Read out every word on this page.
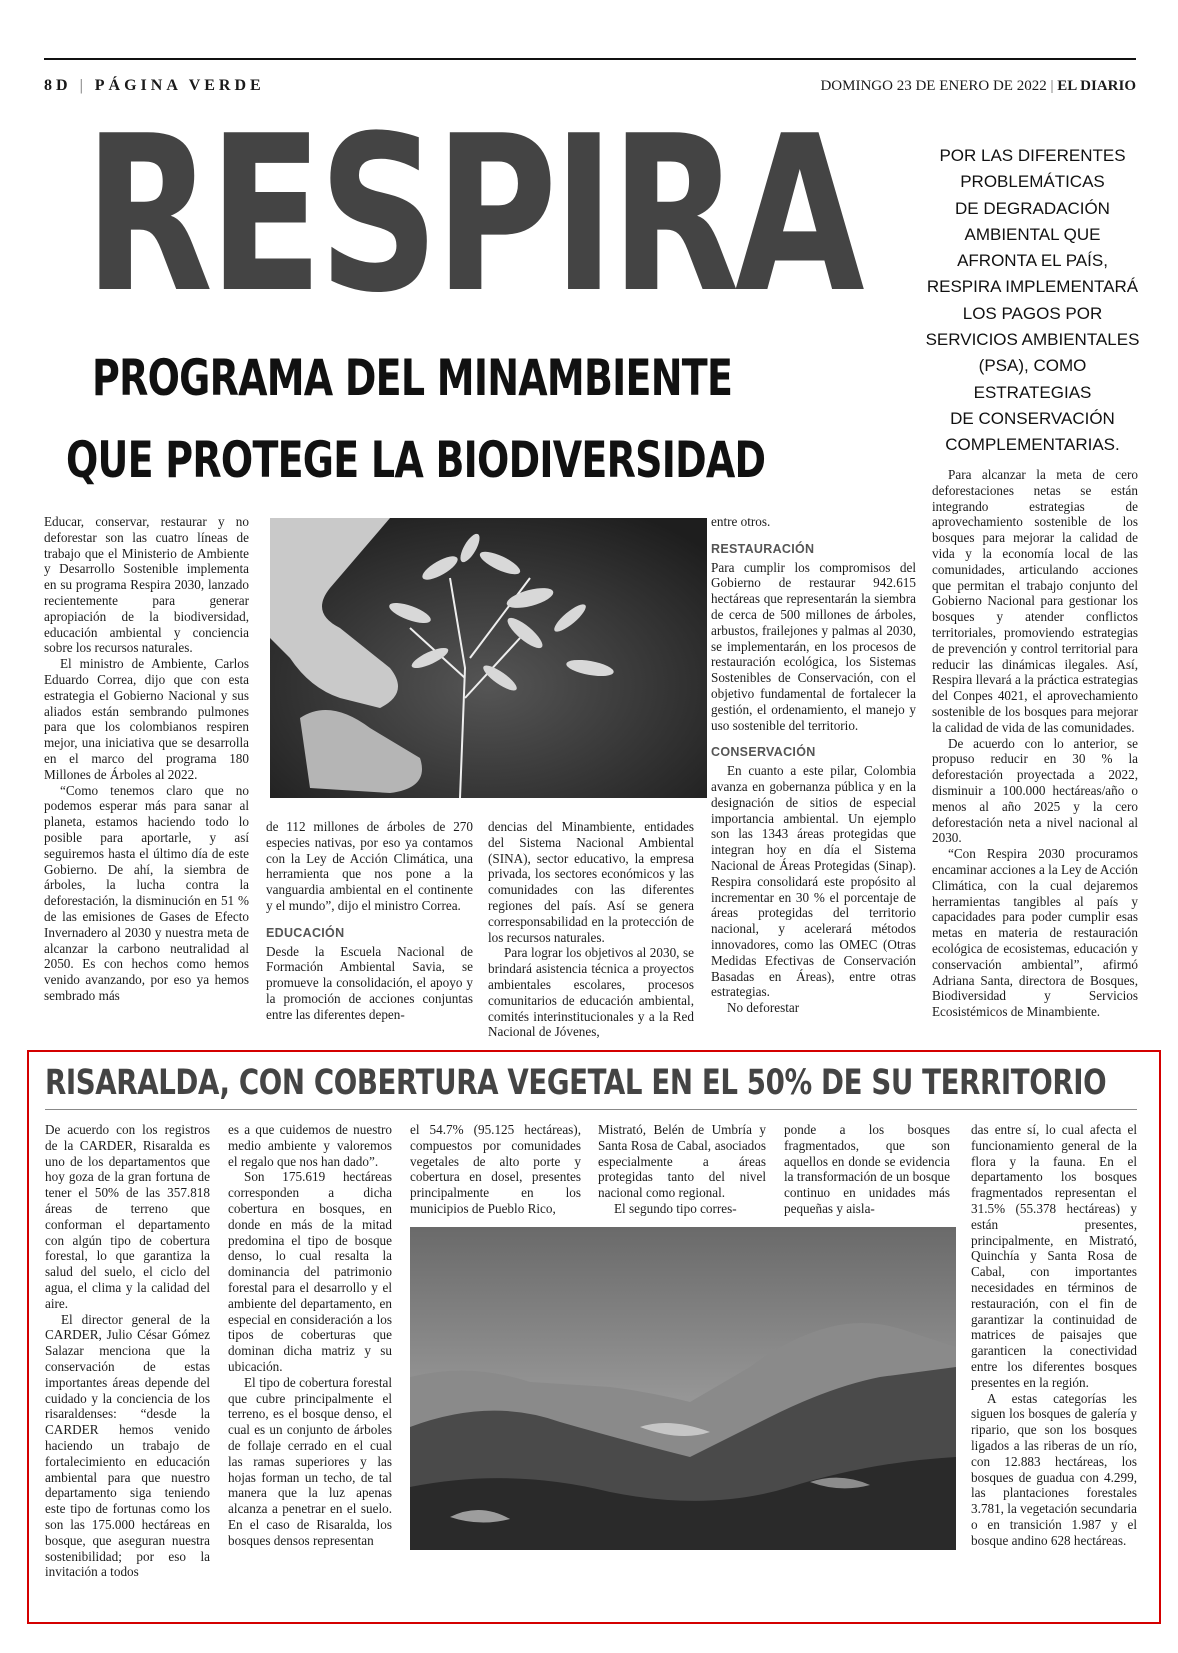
8D | PÁGINA VERDE	DOMINGO 23 DE ENERO DE 2022 | EL DIARIO
RESPIRA
PROGRAMA DEL MINAMBIENTE
QUE PROTEGE LA BIODIVERSIDAD
POR LAS DIFERENTES
PROBLEMÁTICAS
DE DEGRADACIÓN
AMBIENTAL QUE
AFRONTA EL PAÍS,
RESPIRA IMPLEMENTARÁ
LOS PAGOS POR
SERVICIOS AMBIENTALES
(PSA), COMO ESTRATEGIAS
DE CONSERVACIÓN
COMPLEMENTARIAS.

Educar, conservar, restaurar y no deforestar son las cuatro líneas de trabajo que el Ministerio de Ambiente y Desarrollo Sostenible implementa en su programa Respira 2030, lanzado recientemente para generar apropiación de la biodiversidad, educación ambiental y conciencia sobre los recursos naturales.

El ministro de Ambiente, Carlos Eduardo Correa, dijo que con esta estrategia el Gobierno Nacional y sus aliados están sembrando pulmones para que los colombianos respiren mejor, una iniciativa que se desarrolla en el marco del programa 180 Millones de Árboles al 2022.

“Como tenemos claro que no podemos esperar más para sanar al planeta, estamos haciendo todo lo posible para aportarle, y así seguiremos hasta el último día de este Gobierno. De ahí, la siembra de árboles, la lucha contra la deforestación, la disminución en 51 % de las emisiones de Gases de Efecto Invernadero al 2030 y nuestra meta de alcanzar la carbono neutralidad al 2050. Es con hechos como hemos venido avanzando, por eso ya hemos sembrado más

de 112 millones de árboles de 270 especies nativas, por eso ya contamos con la Ley de Acción Climática, una herramienta que nos pone a la vanguardia ambiental en el continente y el mundo”, dijo el ministro Correa.

EDUCACIÓN

Desde la Escuela Nacional de Formación Ambiental Savia, se promueve la consolidación, el apoyo y la promoción de acciones conjuntas entre las diferentes depen-

dencias del Minambiente, entidades del Sistema Nacional Ambiental (SINA), sector educativo, la empresa privada, los sectores económicos y las comunidades con las diferentes regiones del país. Así se genera corresponsabilidad en la protección de los recursos naturales.

Para lograr los objetivos al 2030, se brindará asistencia técnica a proyectos ambientales escolares, procesos comunitarios de educación ambiental, comités interinstitucionales y a la Red Nacional de Jóvenes,

entre otros.

RESTAURACIÓN

Para cumplir los compromisos del Gobierno de restaurar 942.615 hectáreas que representarán la siembra de cerca de 500 millones de árboles, arbustos, frailejones y palmas al 2030, se implementarán, en los procesos de restauración ecológica, los Sistemas Sostenibles de Conservación, con el objetivo fundamental de fortalecer la gestión, el ordenamiento, el manejo y uso sostenible del territorio.

CONSERVACIÓN

En cuanto a este pilar, Colombia avanza en gobernanza pública y en la designación de sitios de especial importancia ambiental. Un ejemplo son las 1343 áreas protegidas que integran hoy en día el Sistema Nacional de Áreas Protegidas (Sinap). Respira consolidará este propósito al incrementar en 30 % el porcentaje de áreas protegidas del territorio nacional, y acelerará métodos innovadores, como las OMEC (Otras Medidas Efectivas de Conservación Basadas en Áreas), entre otras estrategias.

No deforestar

Para alcanzar la meta de cero deforestaciones netas se están integrando estrategias de aprovechamiento sostenible de los bosques para mejorar la calidad de vida y la economía local de las comunidades, articulando acciones que permitan el trabajo conjunto del Gobierno Nacional para gestionar los bosques y atender conflictos territoriales, promoviendo estrategias de prevención y control territorial para reducir las dinámicas ilegales. Así, Respira llevará a la práctica estrategias del Conpes 4021, el aprovechamiento sostenible de los bosques para mejorar la calidad de vida de las comunidades.

De acuerdo con lo anterior, se propuso reducir en 30 % la deforestación proyectada a 2022, disminuir a 100.000 hectáreas/año o menos al año 2025 y la cero deforestación neta a nivel nacional al 2030.

“Con Respira 2030 procuramos encaminar acciones a la Ley de Acción Climática, con la cual dejaremos herramientas tangibles al país y capacidades para poder cumplir esas metas en materia de restauración ecológica de ecosistemas, educación y conservación ambiental”, afirmó Adriana Santa, directora de Bosques, Biodiversidad y Servicios Ecosistémicos de Minambiente.

RISARALDA, CON COBERTURA VEGETAL EN EL 50% DE SU TERRITORIO

De acuerdo con los registros de la CARDER, Risaralda es uno de los departamentos que hoy goza de la gran fortuna de tener el 50% de las 357.818 áreas de terreno que conforman el departamento con algún tipo de cobertura forestal, lo que garantiza la salud del suelo, el ciclo del agua, el clima y la calidad del aire.

El director general de la CARDER, Julio César Gómez Salazar menciona que la conservación de estas importantes áreas depende del cuidado y la conciencia de los risaraldenses: “desde la CARDER hemos venido haciendo un trabajo de fortalecimiento en educación ambiental para que nuestro departamento siga teniendo este tipo de fortunas como los son las 175.000 hectáreas en bosque, que aseguran nuestra sostenibilidad; por eso la invitación a todos

es a que cuidemos de nuestro medio ambiente y valoremos el regalo que nos han dado”.

Son 175.619 hectáreas corresponden a dicha cobertura en bosques, en donde en más de la mitad predomina el tipo de bosque denso, lo cual resalta la dominancia del patrimonio forestal para el desarrollo y el ambiente del departamento, en especial en consideración a los tipos de coberturas que dominan dicha matriz y su ubicación.

El tipo de cobertura forestal que cubre principalmente el terreno, es el bosque denso, el cual es un conjunto de árboles de follaje cerrado en el cual las ramas superiores y las hojas forman un techo, de tal manera que la luz apenas alcanza a penetrar en el suelo. En el caso de Risaralda, los bosques densos representan

el 54.7% (95.125 hectáreas), compuestos por comunidades vegetales de alto porte y cobertura en dosel, presentes principalmente en los municipios de Pueblo Rico,

Mistrató, Belén de Umbría y Santa Rosa de Cabal, asociados especialmente a áreas protegidas tanto del nivel nacional como regional.

El segundo tipo corres-

ponde a los bosques fragmentados, que son aquellos en donde se evidencia la transformación de un bosque continuo en unidades más pequeñas y aisla-

das entre sí, lo cual afecta el funcionamiento general de la flora y la fauna. En el departamento los bosques fragmentados representan el 31.5% (55.378 hectáreas) y están presentes, principalmente, en Mistrató, Quinchía y Santa Rosa de Cabal, con importantes necesidades en términos de restauración, con el fin de garantizar la continuidad de matrices de paisajes que garanticen la conectividad entre los diferentes bosques presentes en la región.

A estas categorías les siguen los bosques de galería y ripario, que son los bosques ligados a las riberas de un río, con 12.883 hectáreas, los bosques de guadua con 4.299, las plantaciones forestales 3.781, la vegetación secundaria o en transición 1.987 y el bosque andino 628 hectáreas.
